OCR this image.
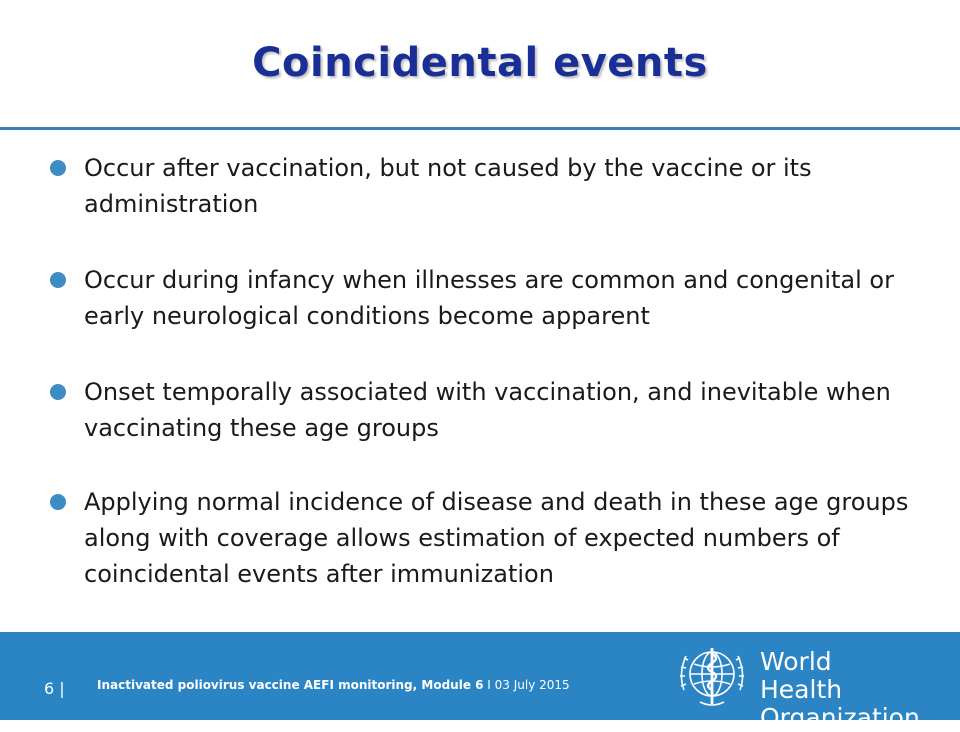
Coincidental events
Occur after vaccination, but not caused by the vaccine or its administration
Occur during infancy when illnesses are common and congenital or early neurological conditions become apparent
Onset temporally associated with vaccination, and inevitable when vaccinating these age groups
Applying normal incidence of disease and death in these age groups along with coverage allows estimation of expected numbers of coincidental events after immunization
6 |	Inactivated poliovirus vaccine AEFI monitoring, Module 6 I 03 July 2015
World Health
Organization
